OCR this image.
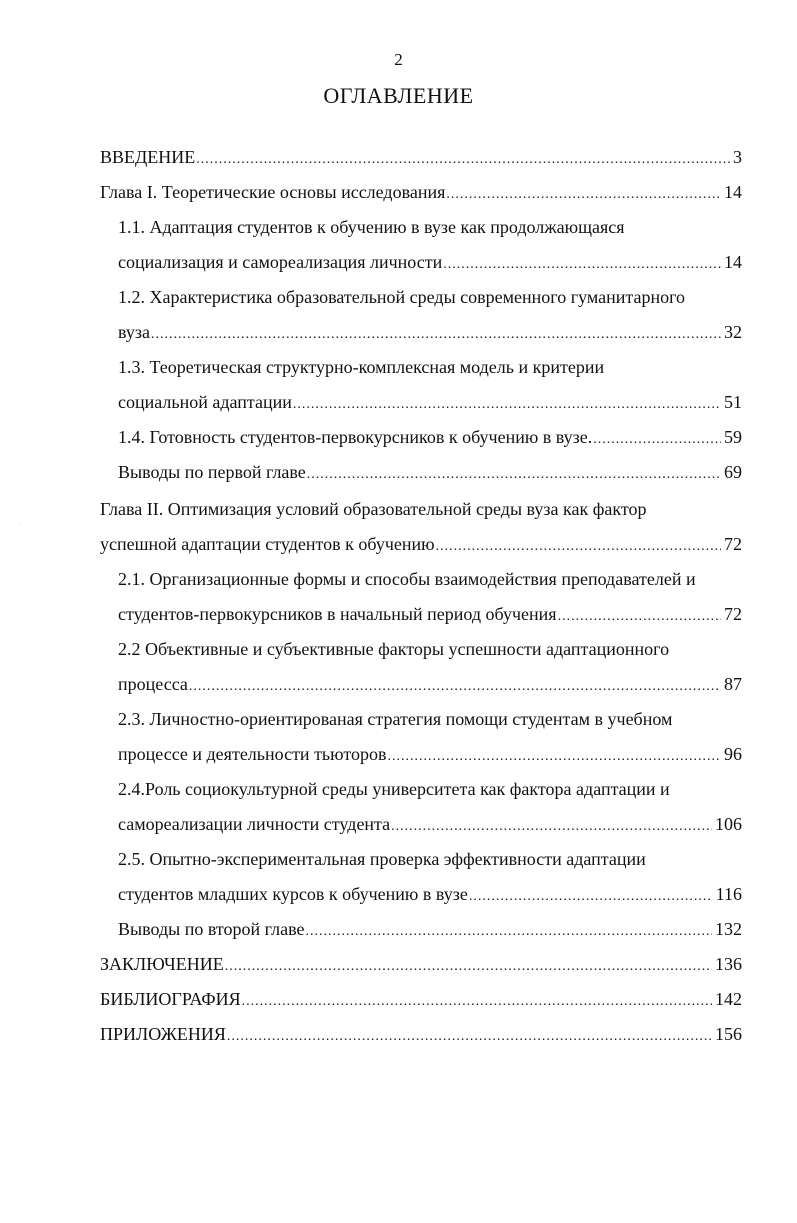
2
ОГЛАВЛЕНИЕ
ВВЕДЕНИЕ .....	3
Глава I. Теоретические основы исследования .....	14
1.1. Адаптация студентов к обучению в вузе как продолжающаяся
социализация и самореализация личности .....	14
1.2. Характеристика образовательной среды современного гуманитарного
вуза .....	32
1.3. Теоретическая структурно-комплексная модель и критерии
социальной адаптации .....	51
1.4. Готовность студентов-первокурсников к обучению в вузе. .....	59
Выводы по первой главе .....	69
Глава II. Оптимизация условий образовательной среды вуза как фактор
успешной адаптации студентов к обучению .....	72
2.1. Организационные формы и способы взаимодействия преподавателей и
студентов-первокурсников в начальный период обучения .....	72
2.2 Объективные и субъективные факторы успешности адаптационного
процесса .....	87
2.3. Личностно-ориентированая стратегия помощи студентам в учебном
процессе и деятельности тьюторов .....	96
2.4.Роль социокультурной среды университета как фактора адаптации и
самореализации личности студента .....	106
2.5. Опытно-экспериментальная проверка эффективности адаптации
студентов младших курсов к обучению в вузе .....	116
Выводы по второй главе .....	132
ЗАКЛЮЧЕНИЕ .....	136
БИБЛИОГРАФИЯ .....	142
ПРИЛОЖЕНИЯ .....	156
·
